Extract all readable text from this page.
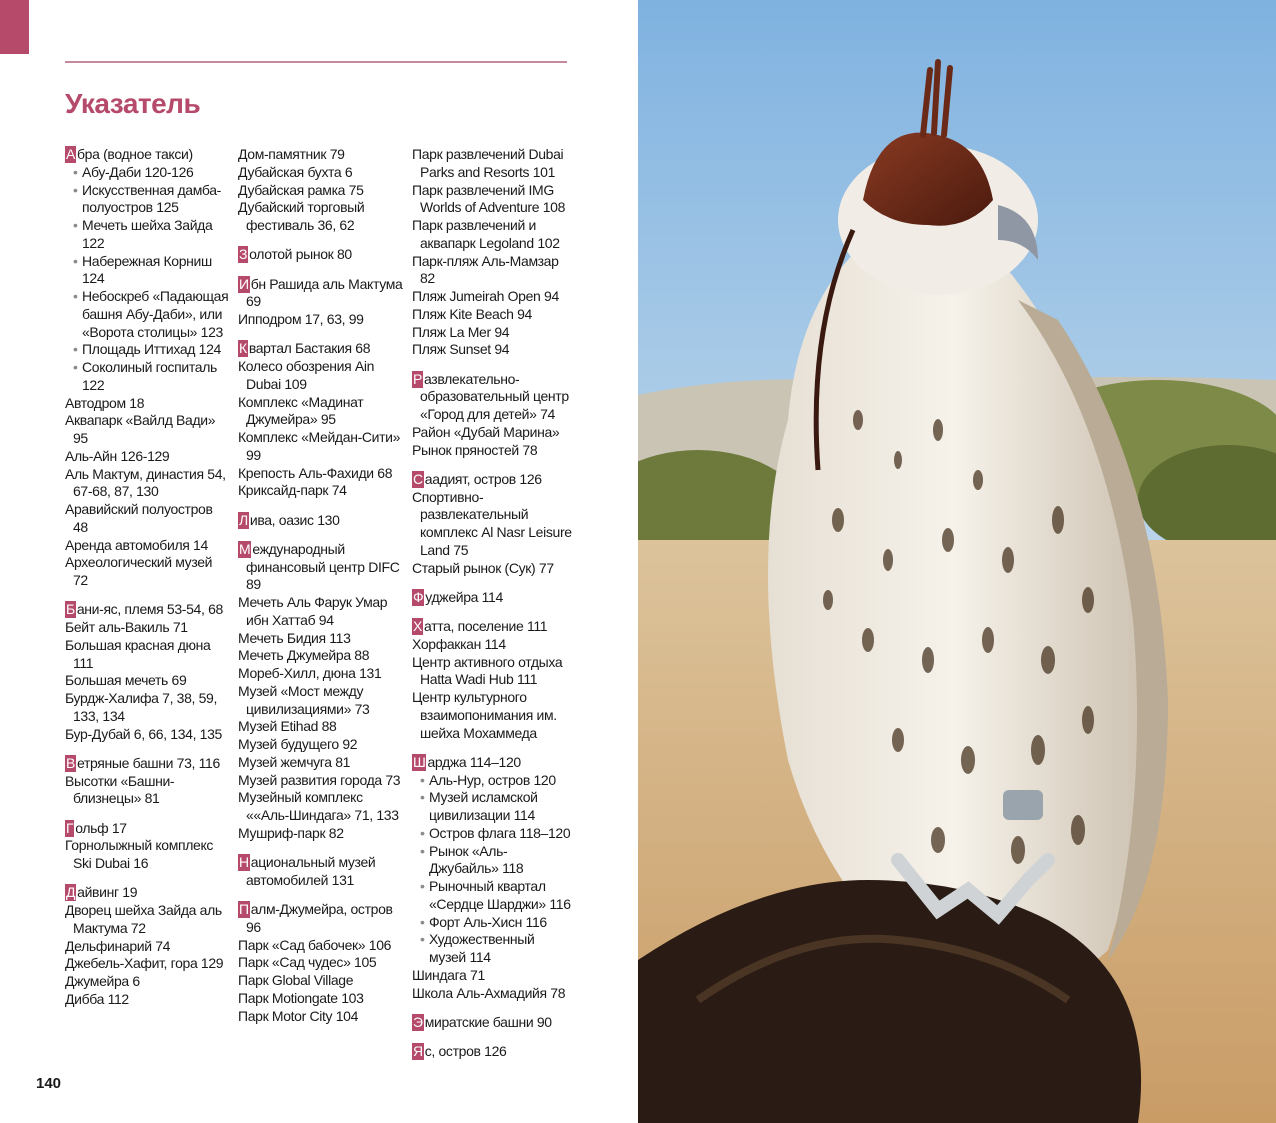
Указатель
А бра (водное такси)
• Абу-Даби 120-126
• Искусственная дамба-полуостров 125
• Мечеть шейха Зайда 122
• Набережная Корниш 124
• Небоскреб «Падающая башня Абу-Даби», или «Ворота столицы» 123
• Площадь Иттихад 124
• Соколиный госпиталь 122
Автодром 18
Аквапарк «Вайлд Вади» 95
Аль-Айн 126-129
Аль Мактум, династия 54, 67-68, 87, 130
Аравийский полуостров 48
Аренда автомобиля 14
Археологический музей 72
Б ани-яс, племя 53-54, 68
Бейт аль-Вакиль 71
Большая красная дюна 111
Большая мечеть 69
Бурдж-Халифа 7, 38, 59, 133, 134
Бур-Дубай 6, 66, 134, 135
В етряные башни 73, 116
Высотки «Башни-близнецы» 81
Г ольф 17
Горнолыжный комплекс Ski Dubai 16
Д айвинг 19
Дворец шейха Зайда аль Мактума 72
Дельфинарий 74
Джебель-Хафит, гора 129
Джумейра 6
Дибба 112
Дом-памятник 79
Дубайская бухта 6
Дубайская рамка 75
Дубайский торговый фестиваль 36, 62
З олотой рынок 80
И бн Рашида аль Мактума 69
Ипподром 17, 63, 99
К вартал Бастакия 68
Колесо обозрения Ain Dubai 109
Комплекс «Мадинат Джумейра» 95
Комплекс «Мейдан-Сити» 99
Крепость Аль-Фахиди 68
Криксайд-парк 74
Л ива, оазис 130
М еждународный финансовый центр DIFC 89
Мечеть Аль Фарук Умар ибн Хаттаб 94
Мечеть Бидия 113
Мечеть Джумейра 88
Мореб-Хилл, дюна 131
Музей «Мост между цивилизациями» 73
Музей Etihad 88
Музей будущего 92
Музей жемчуга 81
Музей развития города 73
Музейный комплекс ««Аль-Шиндага» 71, 133
Мушриф-парк 82
Н ациональный музей автомобилей 131
П алм-Джумейра, остров 96
Парк «Сад бабочек» 106
Парк «Сад чудес» 105
Парк Global Village
Парк Motiongate 103
Парк Motor City 104
Парк развлечений Dubai Parks and Resorts 101
Парк развлечений IMG Worlds of Adventure 108
Парк развлечений и аквапарк Legoland 102
Парк-пляж Аль-Мамзар 82
Пляж Jumeirah Open 94
Пляж Kite Beach 94
Пляж La Mer 94
Пляж Sunset 94
Р азвлекательно-образовательный центр «Город для детей» 74
Район «Дубай Марина»
Рынок пряностей 78
С аадият, остров 126
Спортивно-развлекательный комплекс Al Nasr Leisure Land 75
Старый рынок (Сук) 77
Ф уджейра 114
Х атта, поселение 111
Хорфаккан 114
Центр активного отдыха Hatta Wadi Hub 111
Центр культурного взаимопонимания им. шейха Мохаммеда
Ш арджа 114–120
• Аль-Нур, остров 120
• Музей исламской цивилизации 114
• Остров флага 118–120
• Рынок «Аль-Джубайль» 118
• Рыночный квартал «Сердце Шарджи» 116
• Форт Аль-Хисн 116
• Художественный музей 114
Шиндага 71
Школа Аль-Ахмадийя 78
Э миратские башни 90
Я с, остров 126
140
